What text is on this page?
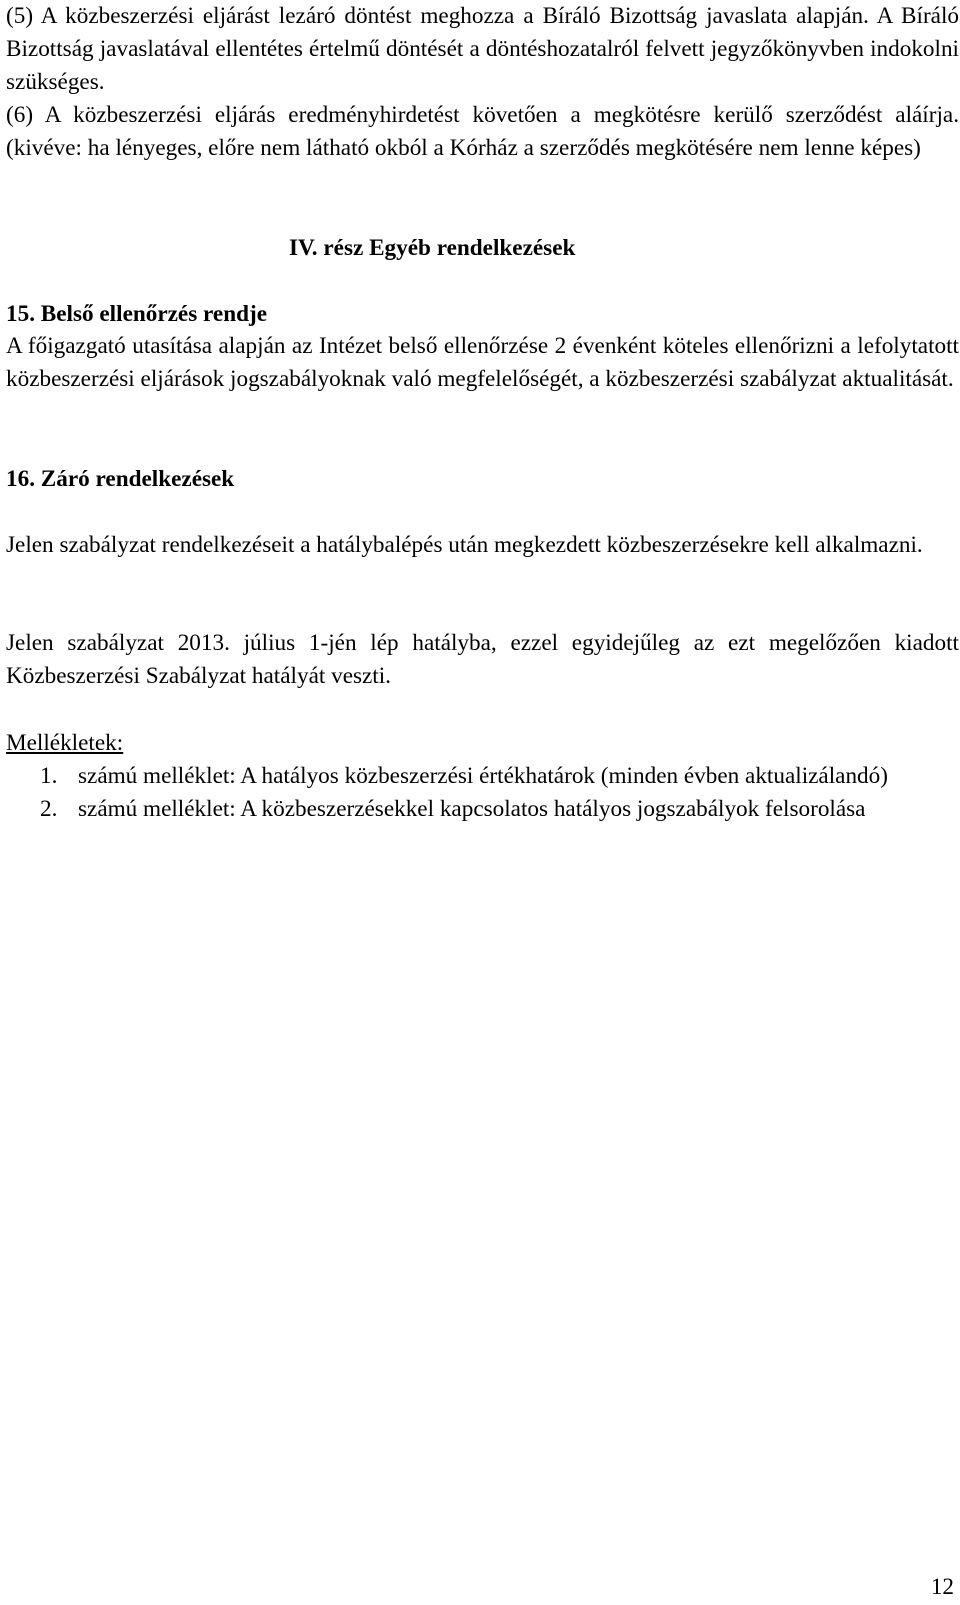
(5) A közbeszerzési eljárást lezáró döntést meghozza a Bíráló Bizottság javaslata alapján. A Bíráló Bizottság javaslatával ellentétes értelmű döntését a döntéshozatalról felvett jegyzőkönyvben indokolni szükséges.

(6) A közbeszerzési eljárás eredményhirdetést követően a megkötésre kerülő szerződést aláírja. (kivéve: ha lényeges, előre nem látható okból a Kórház a szerződés megkötésére nem lenne képes)

IV. rész Egyéb rendelkezések
15. Belső ellenőrzés rendje

A főigazgató utasítása alapján az Intézet belső ellenőrzése 2 évenként köteles ellenőrizni a lefolytatott közbeszerzési eljárások jogszabályoknak való megfelelőségét, a közbeszerzési szabályzat aktualitását.

16. Záró rendelkezések

Jelen szabályzat rendelkezéseit a hatálybalépés után megkezdett közbeszerzésekre kell alkalmazni.

Jelen szabályzat 2013. július 1-jén lép hatályba, ezzel egyidejűleg az ezt megelőzően kiadott Közbeszerzési Szabályzat hatályát veszti.

Mellékletek:
1. számú melléklet: A hatályos közbeszerzési értékhatárok (minden évben aktualizálandó)
2. számú melléklet: A közbeszerzésekkel kapcsolatos hatályos jogszabályok felsorolása
12
